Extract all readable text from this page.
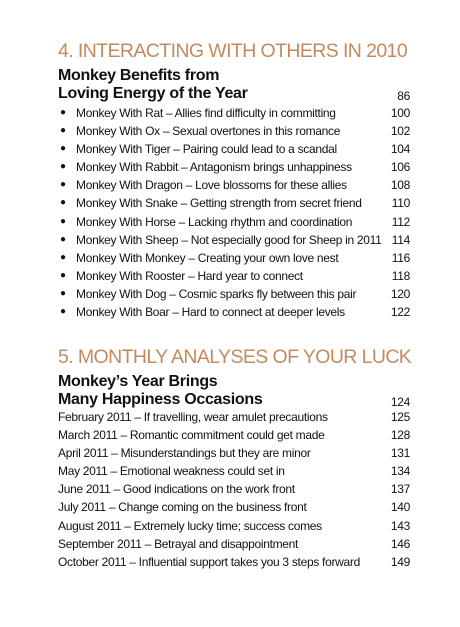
4. INTERACTING WITH OTHERS IN 2010
Monkey Benefits from
Loving Energy of the Year	86
● Monkey With Rat – Allies find difficulty in committing	100
● Monkey With Ox – Sexual overtones in this romance	102
● Monkey With Tiger – Pairing could lead to a scandal	104
● Monkey With Rabbit – Antagonism brings unhappiness	106
● Monkey With Dragon – Love blossoms for these allies	108
● Monkey With Snake – Getting strength from secret friend	110
● Monkey With Horse – Lacking rhythm and coordination	112
● Monkey With Sheep – Not especially good for Sheep in 2011 114
● Monkey With Monkey – Creating your own love nest	116
● Monkey With Rooster – Hard year to connect	118
● Monkey With Dog – Cosmic sparks fly between this pair	120
● Monkey With Boar – Hard to connect at deeper levels	122
5. MONTHLY ANALYSES OF YOUR LUCK
Monkey’s Year Brings
Many Happiness Occasions	124
February 2011 – If travelling, wear amulet precautions	125
March 2011 – Romantic commitment could get made	128
April 2011 – Misunderstandings but they are minor	131
May 2011 – Emotional weakness could set in	134
June 2011 – Good indications on the work front	137
July 2011 – Change coming on the business front	140
August 2011 – Extremely lucky time; success comes	143
September 2011 – Betrayal and disappointment	146
October 2011 – Influential support takes you 3 steps forward	149
